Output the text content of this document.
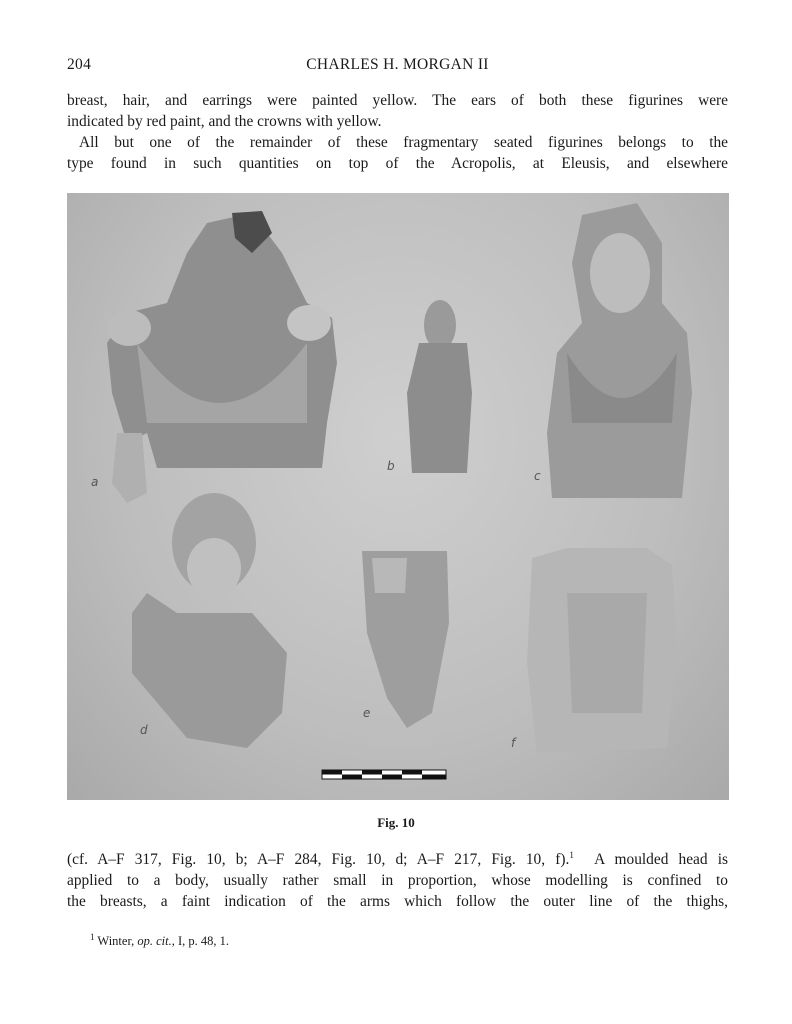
204	CHARLES H. MORGAN II

breast, hair, and earrings were painted yellow. The ears of both these figurines were

indicated by red paint, and the crowns with yellow.

All but one of the remainder of these fragmentary seated figurines belongs to the

type found in such quantities on top of the Acropolis, at Eleusis, and elsewhere

a
b
c
d
e
f
Fig. 10

(cf. A–F 317, Fig. 10, b; A–F 284, Fig. 10, d; A–F 217, Fig. 10, f).$^1$ A moulded head is

applied to a body, usually rather small in proportion, whose modelling is confined to

the breasts, a faint indication of the arms which follow the outer line of the thighs,

$^1$ Winter, op. cit., I, p. 48, 1.
